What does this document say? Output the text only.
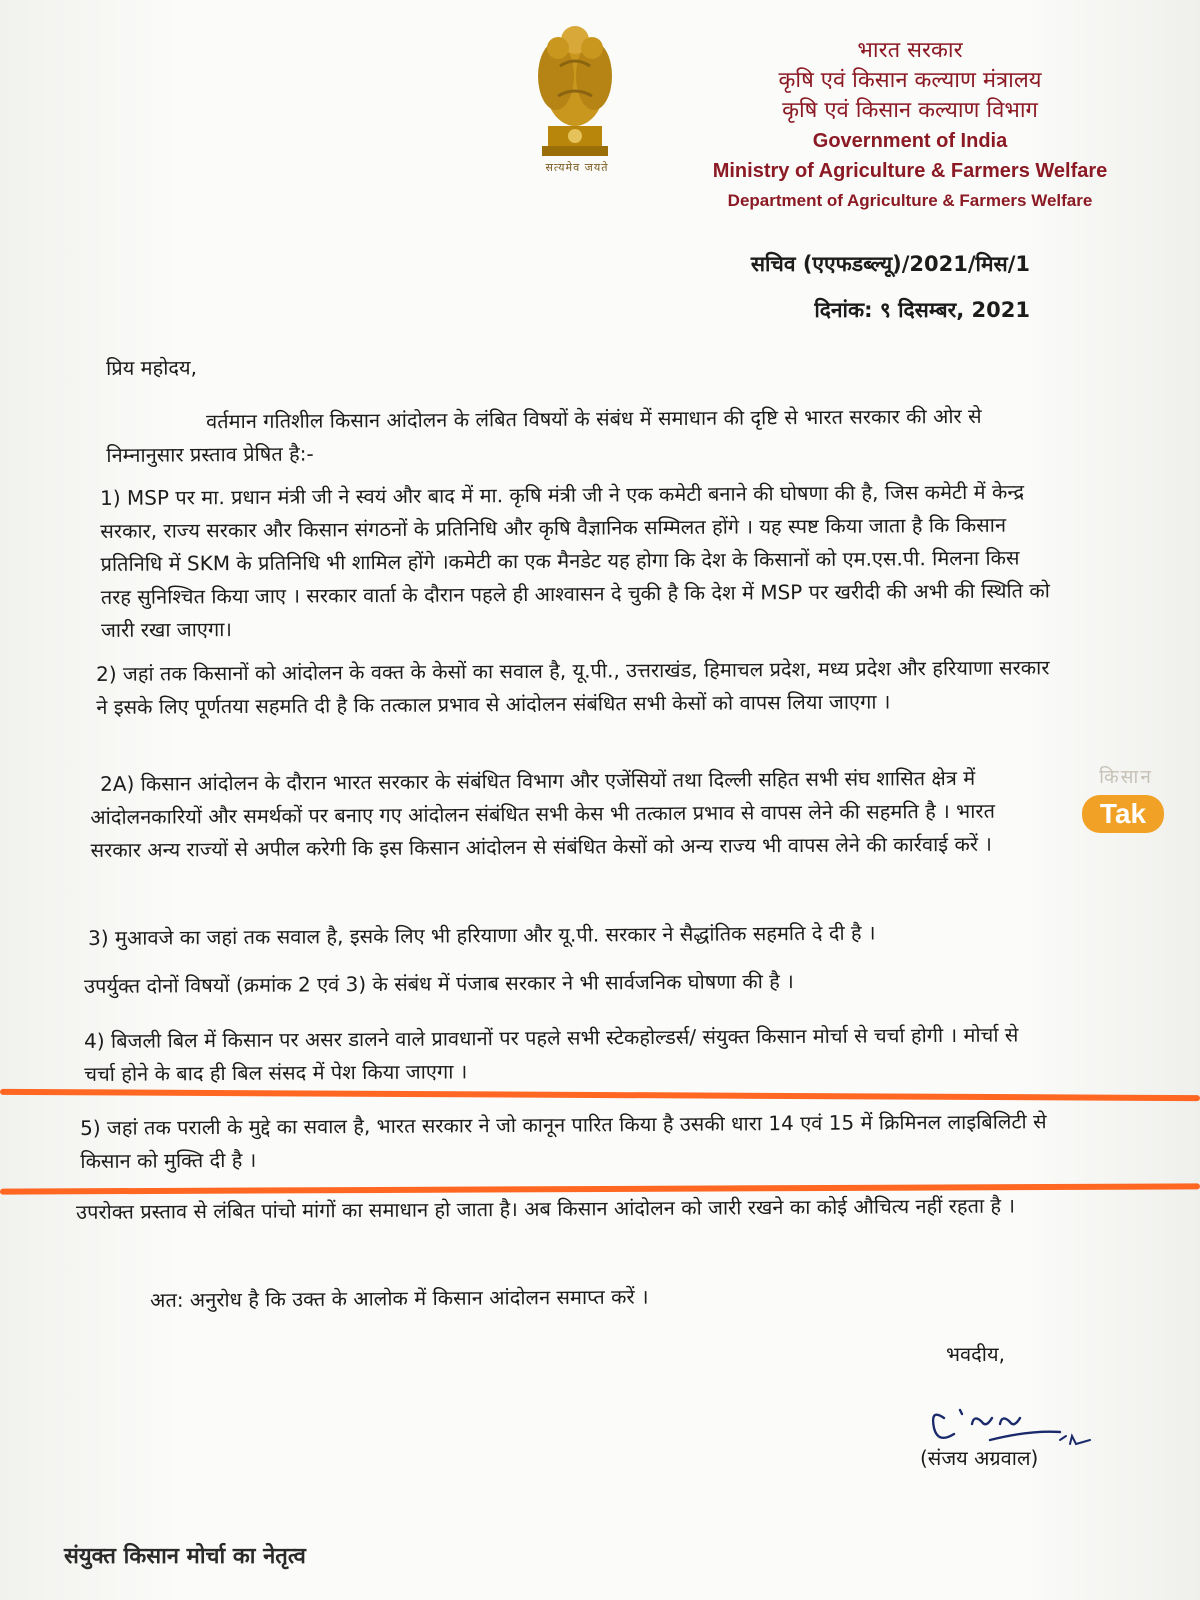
सत्यमेव जयते

भारत सरकार

कृषि एवं किसान कल्याण मंत्रालय

कृषि एवं किसान कल्याण विभाग

Government of India

Ministry of Agriculture & Farmers Welfare

Department of Agriculture & Farmers Welfare

सचिव (एएफडब्ल्यू)/2021/मिस/1
दिनांक: ९ दिसम्बर, 2021
प्रिय महोदय,
वर्तमान गतिशील किसान आंदोलन के लंबित विषयों के संबंध में समाधान की दृष्टि से भारत सरकार की ओर से निम्नानुसार प्रस्ताव प्रेषित है:-
1) MSP पर मा. प्रधान मंत्री जी ने स्वयं और बाद में मा. कृषि मंत्री जी ने एक कमेटी बनाने की घोषणा की है, जिस कमेटी में केन्द्र सरकार, राज्य सरकार और किसान संगठनों के प्रतिनिधि और कृषि वैज्ञानिक सम्मिलत होंगे । यह स्पष्ट किया जाता है कि किसान प्रतिनिधि में SKM के प्रतिनिधि भी शामिल होंगे ।कमेटी का एक मैनडेट यह होगा कि देश के किसानों को एम.एस.पी. मिलना किस तरह सुनिश्चित किया जाए । सरकार वार्ता के दौरान पहले ही आश्वासन दे चुकी है कि देश में MSP पर खरीदी की अभी की स्थिति को जारी रखा जाएगा।
2) जहां तक किसानों को आंदोलन के वक्त के केसों का सवाल है, यू.पी., उत्तराखंड, हिमाचल प्रदेश, मध्य प्रदेश और हरियाणा सरकार ने इसके लिए पूर्णतया सहमति दी है कि तत्काल प्रभाव से आंदोलन संबंधित सभी केसों को वापस लिया जाएगा ।
2A) किसान आंदोलन के दौरान भारत सरकार के संबंधित विभाग और एजेंसियों तथा दिल्ली सहित सभी संघ शासित क्षेत्र में आंदोलनकारियों और समर्थकों पर बनाए गए आंदोलन संबंधित सभी केस भी तत्काल प्रभाव से वापस लेने की सहमति है । भारत सरकार अन्य राज्यों से अपील करेगी कि इस किसान आंदोलन से संबंधित केसों को अन्य राज्य भी वापस लेने की कार्रवाई करें ।
3) मुआवजे का जहां तक सवाल है, इसके लिए भी हरियाणा और यू.पी. सरकार ने सैद्धांतिक सहमति दे दी है ।
उपर्युक्त दोनों विषयों (क्रमांक 2 एवं 3) के संबंध में पंजाब सरकार ने भी सार्वजनिक घोषणा की है ।
4) बिजली बिल में किसान पर असर डालने वाले प्रावधानों पर पहले सभी स्टेकहोल्डर्स/ संयुक्त किसान मोर्चा से चर्चा होगी । मोर्चा से चर्चा होने के बाद ही बिल संसद में पेश किया जाएगा ।
5) जहां तक पराली के मुद्दे का सवाल है, भारत सरकार ने जो कानून पारित किया है उसकी धारा 14 एवं 15 में क्रिमिनल लाइबिलिटी से किसान को मुक्ति दी है ।
उपरोक्त प्रस्ताव से लंबित पांचो मांगों का समाधान हो जाता है। अब किसान आंदोलन को जारी रखने का कोई औचित्य नहीं रहता है ।
अत: अनुरोध है कि उक्त के आलोक में किसान आंदोलन समाप्त करें ।
भवदीय,
(संजय अग्रवाल)
संयुक्त किसान मोर्चा का नेतृत्व
किसान
Tak
